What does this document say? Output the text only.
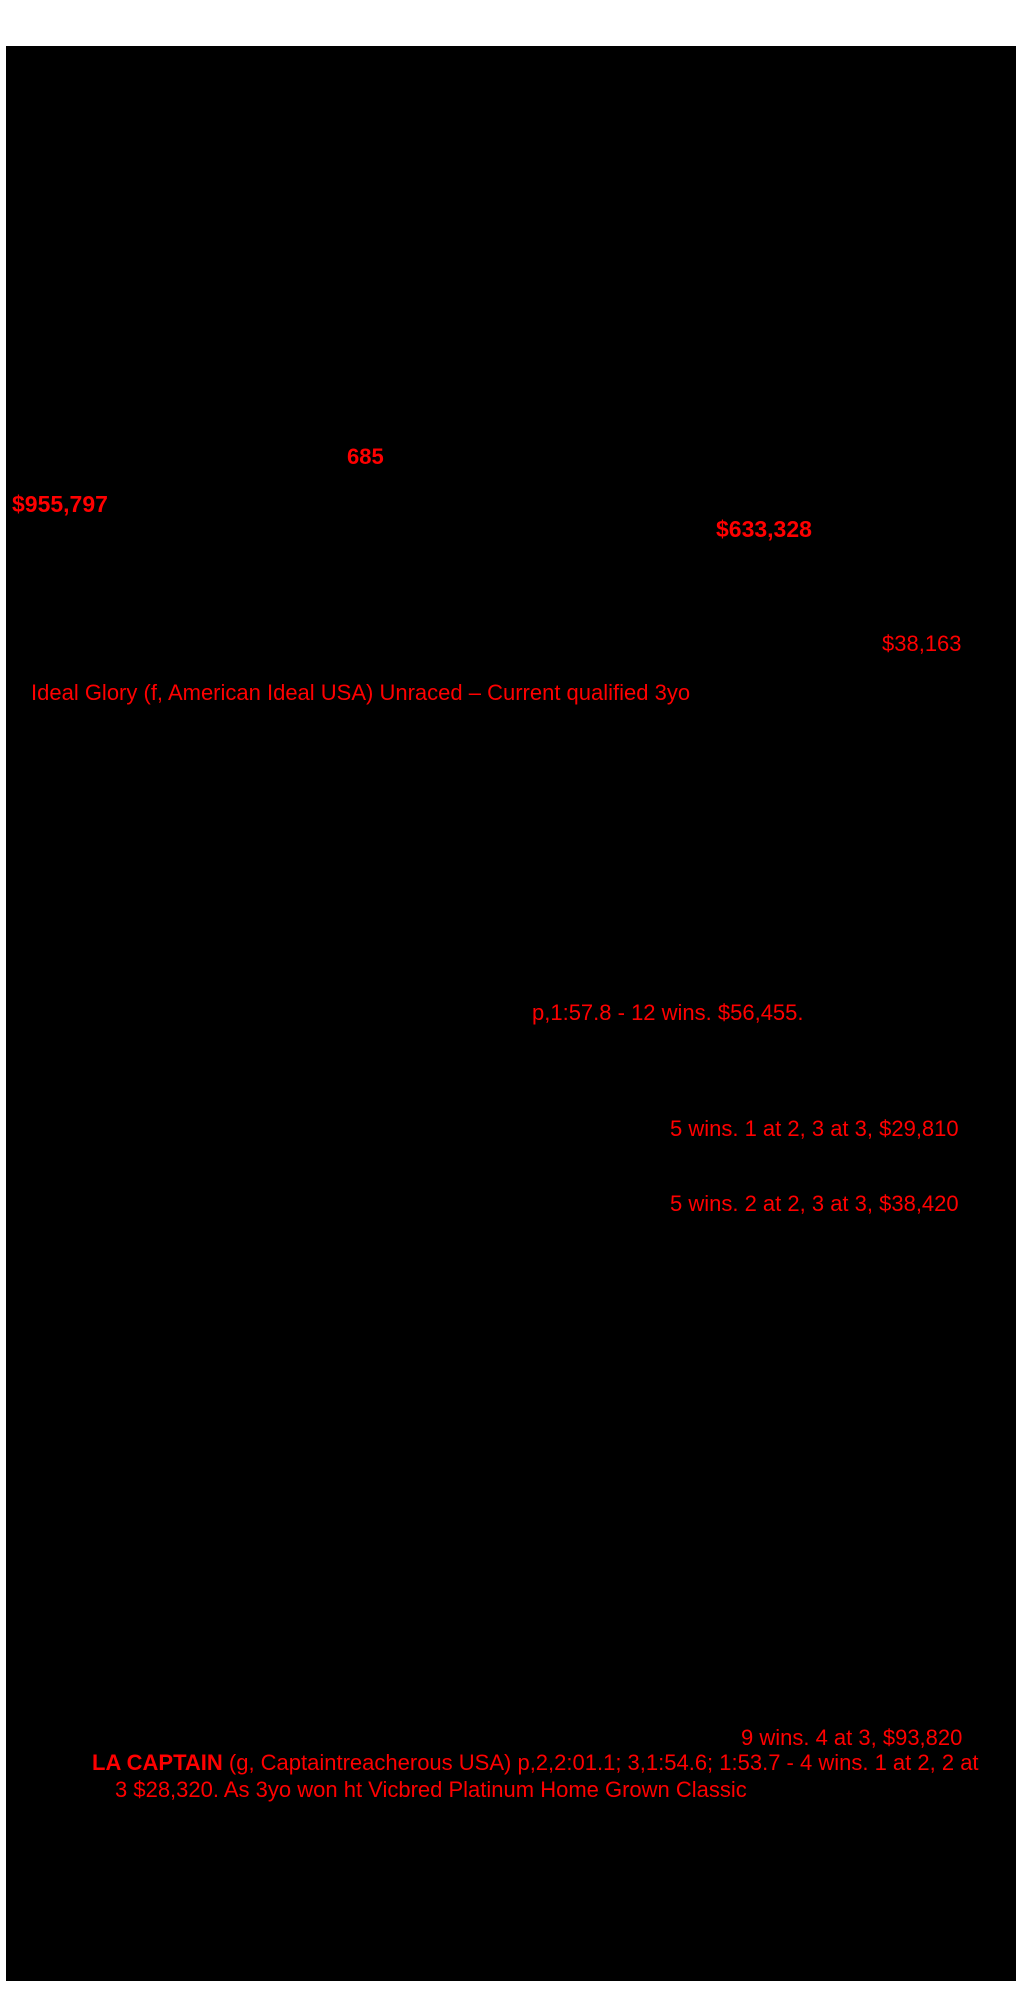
685
$955,797
$633,328
$38,163
Ideal Glory (f, American Ideal USA) Unraced – Current qualified 3yo
p,1:57.8 - 12 wins. $56,455.
5 wins. 1 at 2, 3 at 3, $29,810
5 wins. 2 at 2, 3 at 3, $38,420
9 wins. 4 at 3, $93,820
LA CAPTAIN (g, Captaintreacherous USA) p,2,2:01.1; 3,1:54.6; 1:53.7 - 4 wins. 1 at 2, 2 at
3 $28,320. As 3yo won ht Vicbred Platinum Home Grown Classic
